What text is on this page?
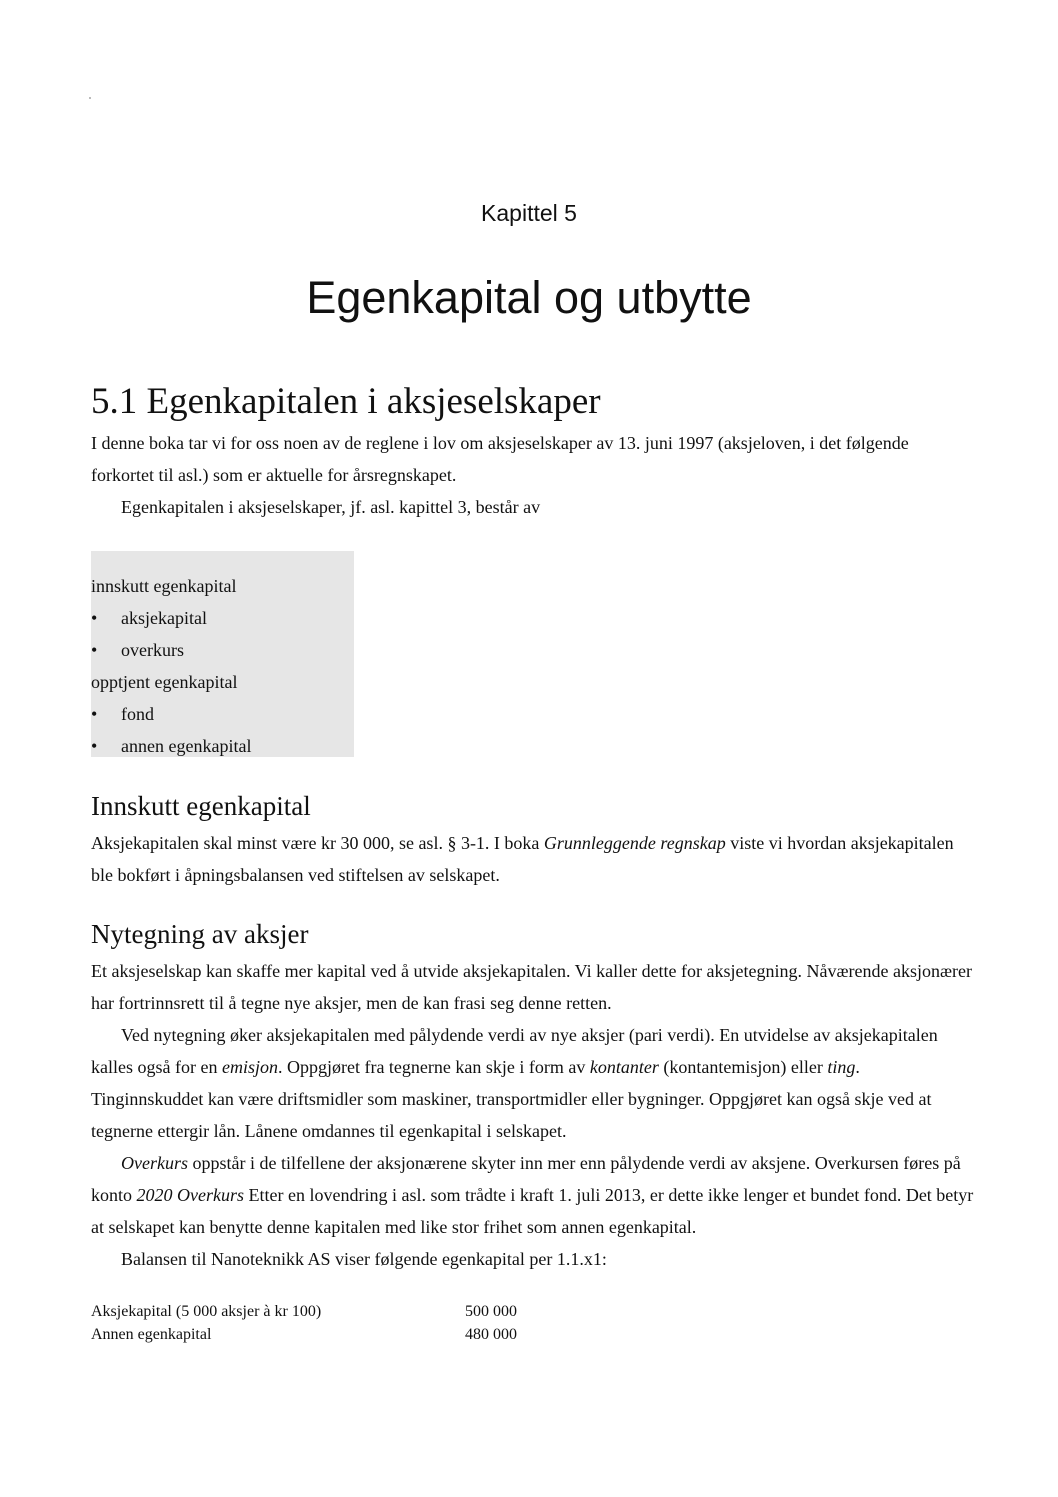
Kapittel 5
Egenkapital og utbytte
5.1 Egenkapitalen i aksjeselskaper

I denne boka tar vi for oss noen av de reglene i lov om aksjeselskaper av 13. juni 1997 (aksjeloven, i det følgende forkortet til asl.) som er aktuelle for årsregnskapet.

Egenkapitalen i aksjeselskaper, jf. asl. kapittel 3, består av

innskutt egenkapital
• aksjekapital
• overkurs
opptjent egenkapital
• fond
• annen egenkapital
Innskutt egenkapital

Aksjekapitalen skal minst være kr 30 000, se asl. § 3-1. I boka Grunnleggende regnskap viste vi hvordan aksjekapitalen ble bokført i åpningsbalansen ved stiftelsen av selskapet.

Nytegning av aksjer

Et aksjeselskap kan skaffe mer kapital ved å utvide aksjekapitalen. Vi kaller dette for aksjetegning. Nåværende aksjonærer har fortrinnsrett til å tegne nye aksjer, men de kan frasi seg denne retten.

Ved nytegning øker aksjekapitalen med pålydende verdi av nye aksjer (pari verdi). En utvidelse av aksjekapitalen kalles også for en emisjon. Oppgjøret fra tegnerne kan skje i form av kontanter (kontantemisjon) eller ting. Tinginnskuddet kan være driftsmidler som maskiner, transportmidler eller bygninger. Oppgjøret kan også skje ved at tegnerne ettergir lån. Lånene omdannes til egenkapital i selskapet.

Overkurs oppstår i de tilfellene der aksjonærene skyter inn mer enn pålydende verdi av aksjene. Overkursen føres på konto 2020 Overkurs Etter en lovendring i asl. som trådte i kraft 1. juli 2013, er dette ikke lenger et bundet fond. Det betyr at selskapet kan benytte denne kapitalen med like stor frihet som annen egenkapital.

Balansen til Nanoteknikk AS viser følgende egenkapital per 1.1.x1:

Aksjekapital (5 000 aksjer à kr 100)	500 000
Annen egenkapital	480 000
